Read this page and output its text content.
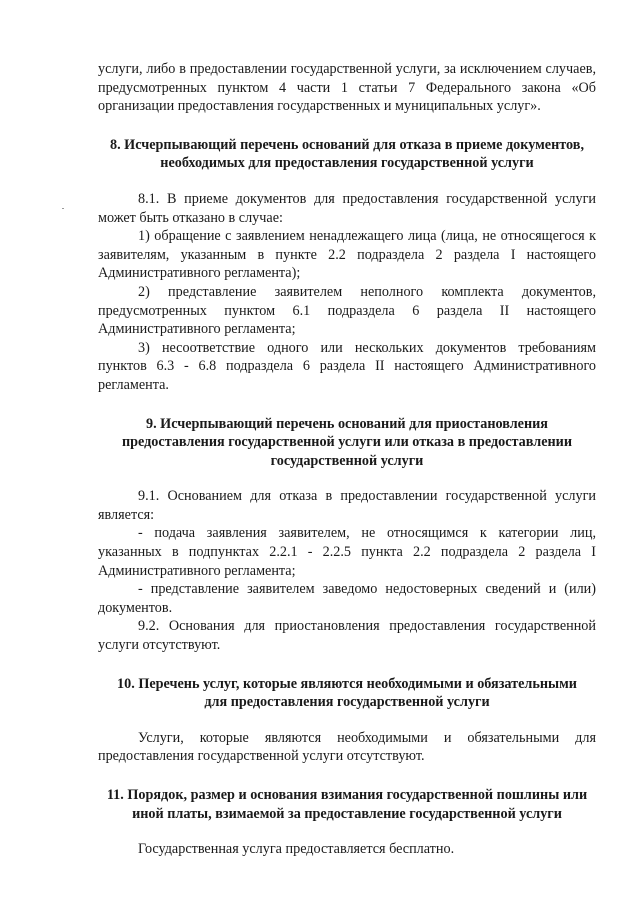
услуги, либо в предоставлении государственной услуги, за исключением случаев, предусмотренных пунктом 4 части 1 статьи 7 Федерального закона «Об организации предоставления государственных и муниципальных услуг».

8. Исчерпывающий перечень оснований для отказа в приеме документов, необходимых для предоставления государственной услуги

8.1. В приеме документов для предоставления государственной услуги может быть отказано в случае:

1) обращение с заявлением ненадлежащего лица (лица, не относящегося к заявителям, указанным в пункте 2.2 подраздела 2 раздела I настоящего Административного регламента);

2) представление заявителем неполного комплекта документов, предусмотренных пунктом 6.1 подраздела 6 раздела II настоящего Административного регламента;

3) несоответствие одного или нескольких документов требованиям пунктов 6.3 - 6.8 подраздела 6 раздела II настоящего Административного регламента.

9. Исчерпывающий перечень оснований для приостановления предоставления государственной услуги или отказа в предоставлении государственной услуги

9.1. Основанием для отказа в предоставлении государственной услуги является:

- подача заявления заявителем, не относящимся к категории лиц, указанных в подпунктах 2.2.1 - 2.2.5 пункта 2.2 подраздела 2 раздела I Административного регламента;

- представление заявителем заведомо недостоверных сведений и (или) документов.

9.2. Основания для приостановления предоставления государственной услуги отсутствуют.

10. Перечень услуг, которые являются необходимыми и обязательными для предоставления государственной услуги

Услуги, которые являются необходимыми и обязательными для предоставления государственной услуги отсутствуют.

11. Порядок, размер и основания взимания государственной пошлины или иной платы, взимаемой за предоставление государственной услуги

Государственная услуга предоставляется бесплатно.
